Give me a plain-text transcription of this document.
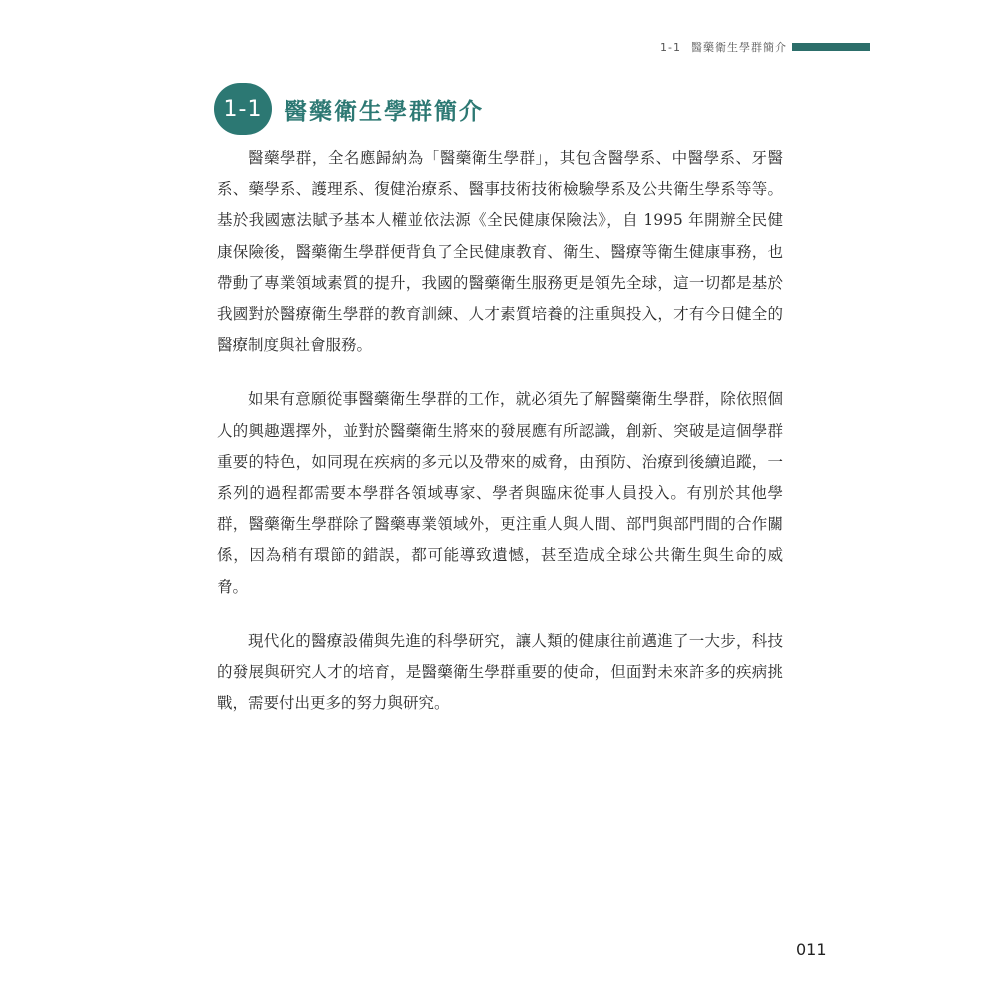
1-1 醫藥衛生學群簡介
1-1 醫藥衛生學群簡介

醫藥學群，全名應歸納為「醫藥衛生學群」，其包含醫學系、中醫學系、牙醫系、藥學系、護理系、復健治療系、醫事技術技術檢驗學系及公共衛生學系等等。基於我國憲法賦予基本人權並依法源《全民健康保險法》，自 1995 年開辦全民健康保險後，醫藥衛生學群便背負了全民健康教育、衛生、醫療等衛生健康事務，也帶動了專業領域素質的提升，我國的醫藥衛生服務更是領先全球，這一切都是基於我國對於醫療衛生學群的教育訓練、人才素質培養的注重與投入，才有今日健全的醫療制度與社會服務。

如果有意願從事醫藥衛生學群的工作，就必須先了解醫藥衛生學群，除依照個人的興趣選擇外，並對於醫藥衛生將來的發展應有所認識，創新、突破是這個學群重要的特色，如同現在疾病的多元以及帶來的威脅，由預防、治療到後續追蹤，一系列的過程都需要本學群各領域專家、學者與臨床從事人員投入。有別於其他學群，醫藥衛生學群除了醫藥專業領域外，更注重人與人間、部門與部門間的合作關係，因為稍有環節的錯誤，都可能導致遺憾，甚至造成全球公共衛生與生命的威脅。

現代化的醫療設備與先進的科學研究，讓人類的健康往前邁進了一大步，科技的發展與研究人才的培育，是醫藥衛生學群重要的使命，但面對未來許多的疾病挑戰，需要付出更多的努力與研究。

011
